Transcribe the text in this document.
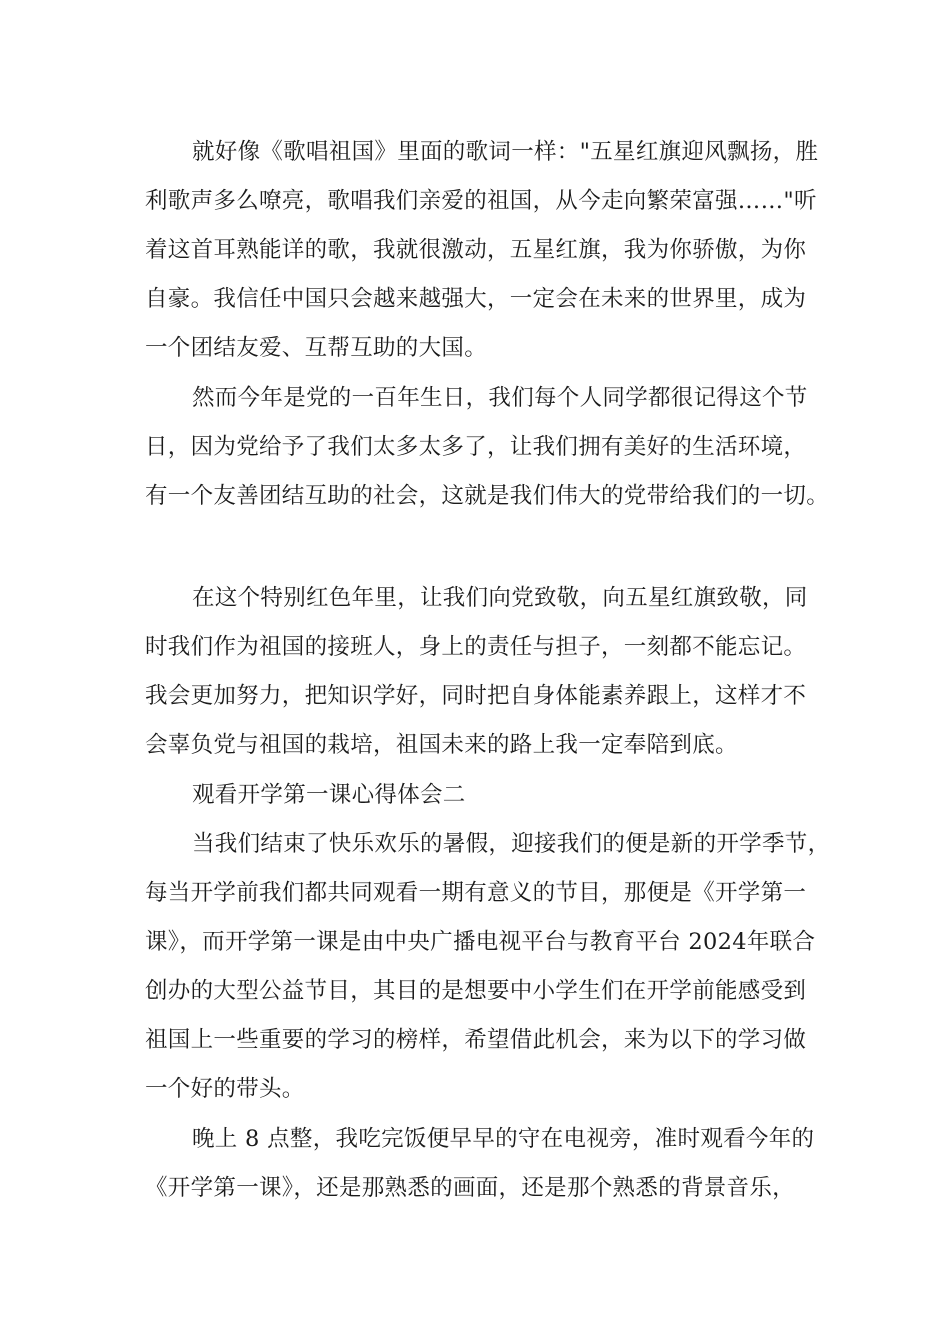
就好像《歌唱祖国》里面的歌词一样："五星红旗迎风飘扬，胜
利歌声多么嘹亮，歌唱我们亲爱的祖国，从今走向繁荣富强……"听
着这首耳熟能详的歌，我就很激动，五星红旗，我为你骄傲，为你
自豪。我信任中国只会越来越强大，一定会在未来的世界里，成为
一个团结友爱、互帮互助的大国。
然而今年是党的一百年生日，我们每个人同学都很记得这个节
日，因为党给予了我们太多太多了，让我们拥有美好的生活环境，
有一个友善团结互助的社会，这就是我们伟大的党带给我们的一切。
在这个特别红色年里，让我们向党致敬，向五星红旗致敬，同
时我们作为祖国的接班人，身上的责任与担子，一刻都不能忘记。
我会更加努力，把知识学好，同时把自身体能素养跟上，这样才不
会辜负党与祖国的栽培，祖国未来的路上我一定奉陪到底。
观看开学第一课心得体会二
当我们结束了快乐欢乐的暑假，迎接我们的便是新的开学季节，
每当开学前我们都共同观看一期有意义的节目，那便是《开学第一
课》，而开学第一课是由中央广播电视平台与教育平台 2024年联合
创办的大型公益节目，其目的是想要中小学生们在开学前能感受到
祖国上一些重要的学习的榜样，希望借此机会，来为以下的学习做
一个好的带头。
晚上 8 点整，我吃完饭便早早的守在电视旁，准时观看今年的
《开学第一课》，还是那熟悉的画面，还是那个熟悉的背景音乐，
